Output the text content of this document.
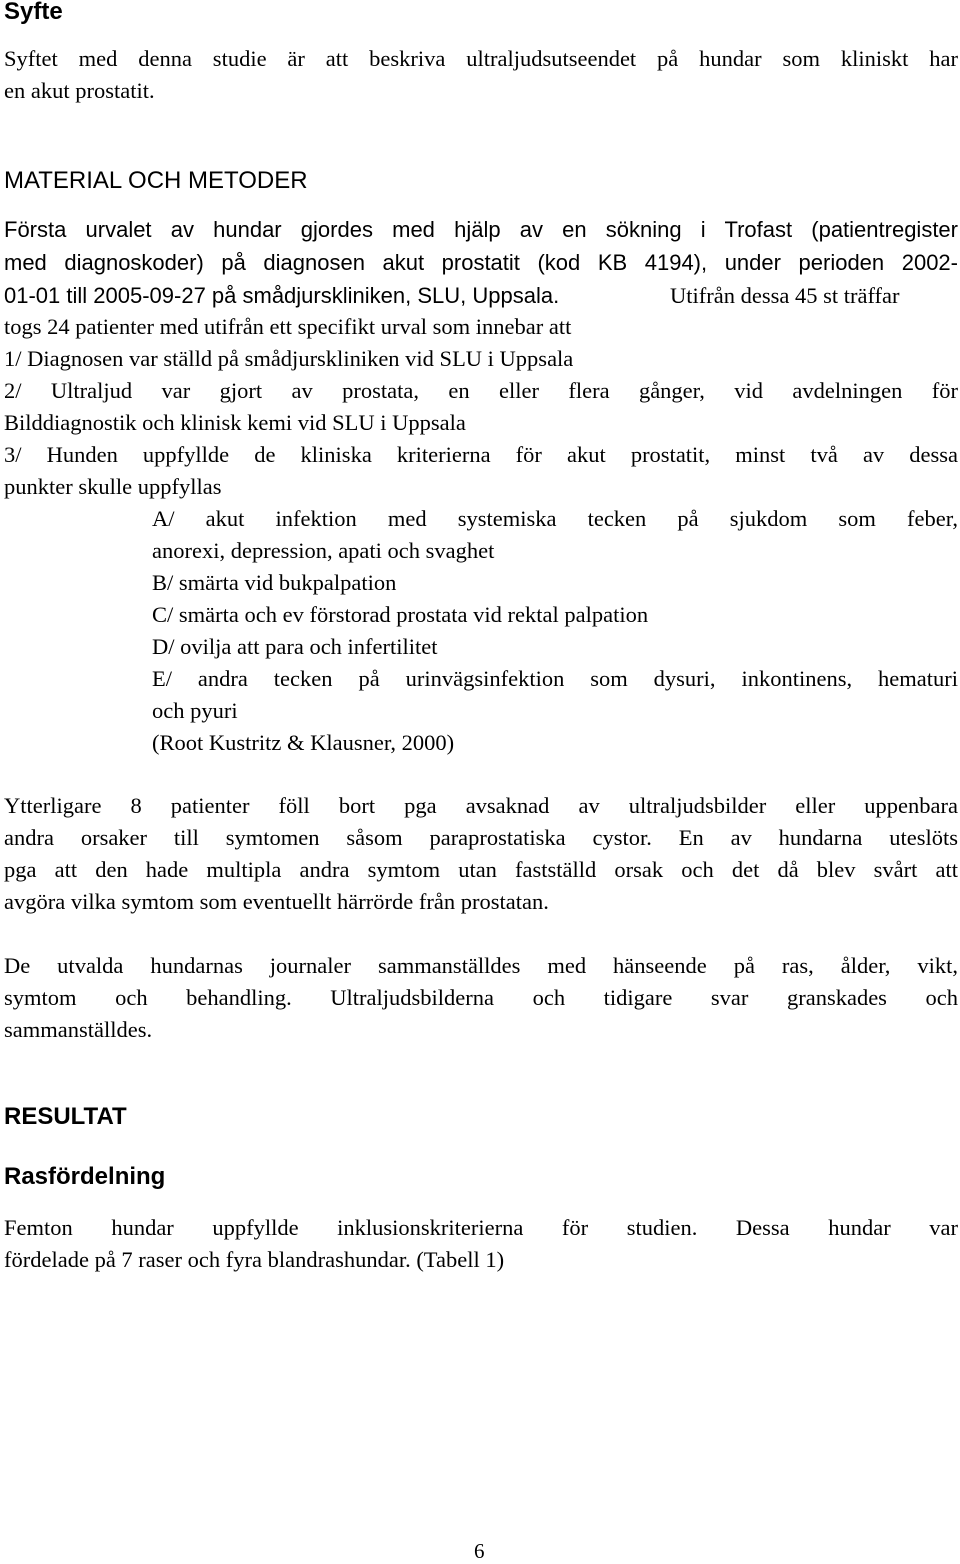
Syfte
Syftet med denna studie är att beskriva ultraljudsutseendet på hundar som kliniskt har
en akut prostatit.
MATERIAL OCH METODER
Första urvalet av hundar gjordes med hjälp av en sökning i Trofast (patientregister
med diagnoskoder) på diagnosen akut prostatit (kod KB 4194), under perioden 2002-
01-01 till 2005-09-27 på smådjurskliniken, SLU, Uppsala.	Utifrån dessa 45 st träffar
togs 24 patienter med utifrån ett specifikt urval som innebar att
1/ Diagnosen var ställd på smådjurskliniken vid SLU i Uppsala
2/ Ultraljud var gjort av prostata, en eller flera gånger, vid avdelningen för
Bilddiagnostik och klinisk kemi vid SLU i Uppsala
3/ Hunden uppfyllde de kliniska kriterierna för akut prostatit, minst två av dessa
punkter skulle uppfyllas
A/ akut infektion med systemiska tecken på sjukdom som feber,
anorexi, depression, apati och svaghet
B/ smärta vid bukpalpation
C/ smärta och ev förstorad prostata vid rektal palpation
D/ ovilja att para och infertilitet
E/ andra tecken på urinvägsinfektion som dysuri, inkontinens, hematuri
och pyuri
(Root Kustritz & Klausner, 2000)
Ytterligare 8 patienter föll bort pga avsaknad av ultraljudsbilder eller uppenbara
andra orsaker till symtomen såsom paraprostatiska cystor. En av hundarna uteslöts
pga att den hade multipla andra symtom utan fastställd orsak och det då blev svårt att
avgöra vilka symtom som eventuellt härrörde från prostatan.
De utvalda hundarnas journaler sammanställdes med hänseende på ras, ålder, vikt,
symtom och behandling. Ultraljudsbilderna och tidigare svar granskades och
sammanställdes.
RESULTAT
Rasfördelning
Femton hundar uppfyllde inklusionskriterierna för studien. Dessa hundar var
fördelade på 7 raser och fyra blandrashundar. (Tabell 1)
6
